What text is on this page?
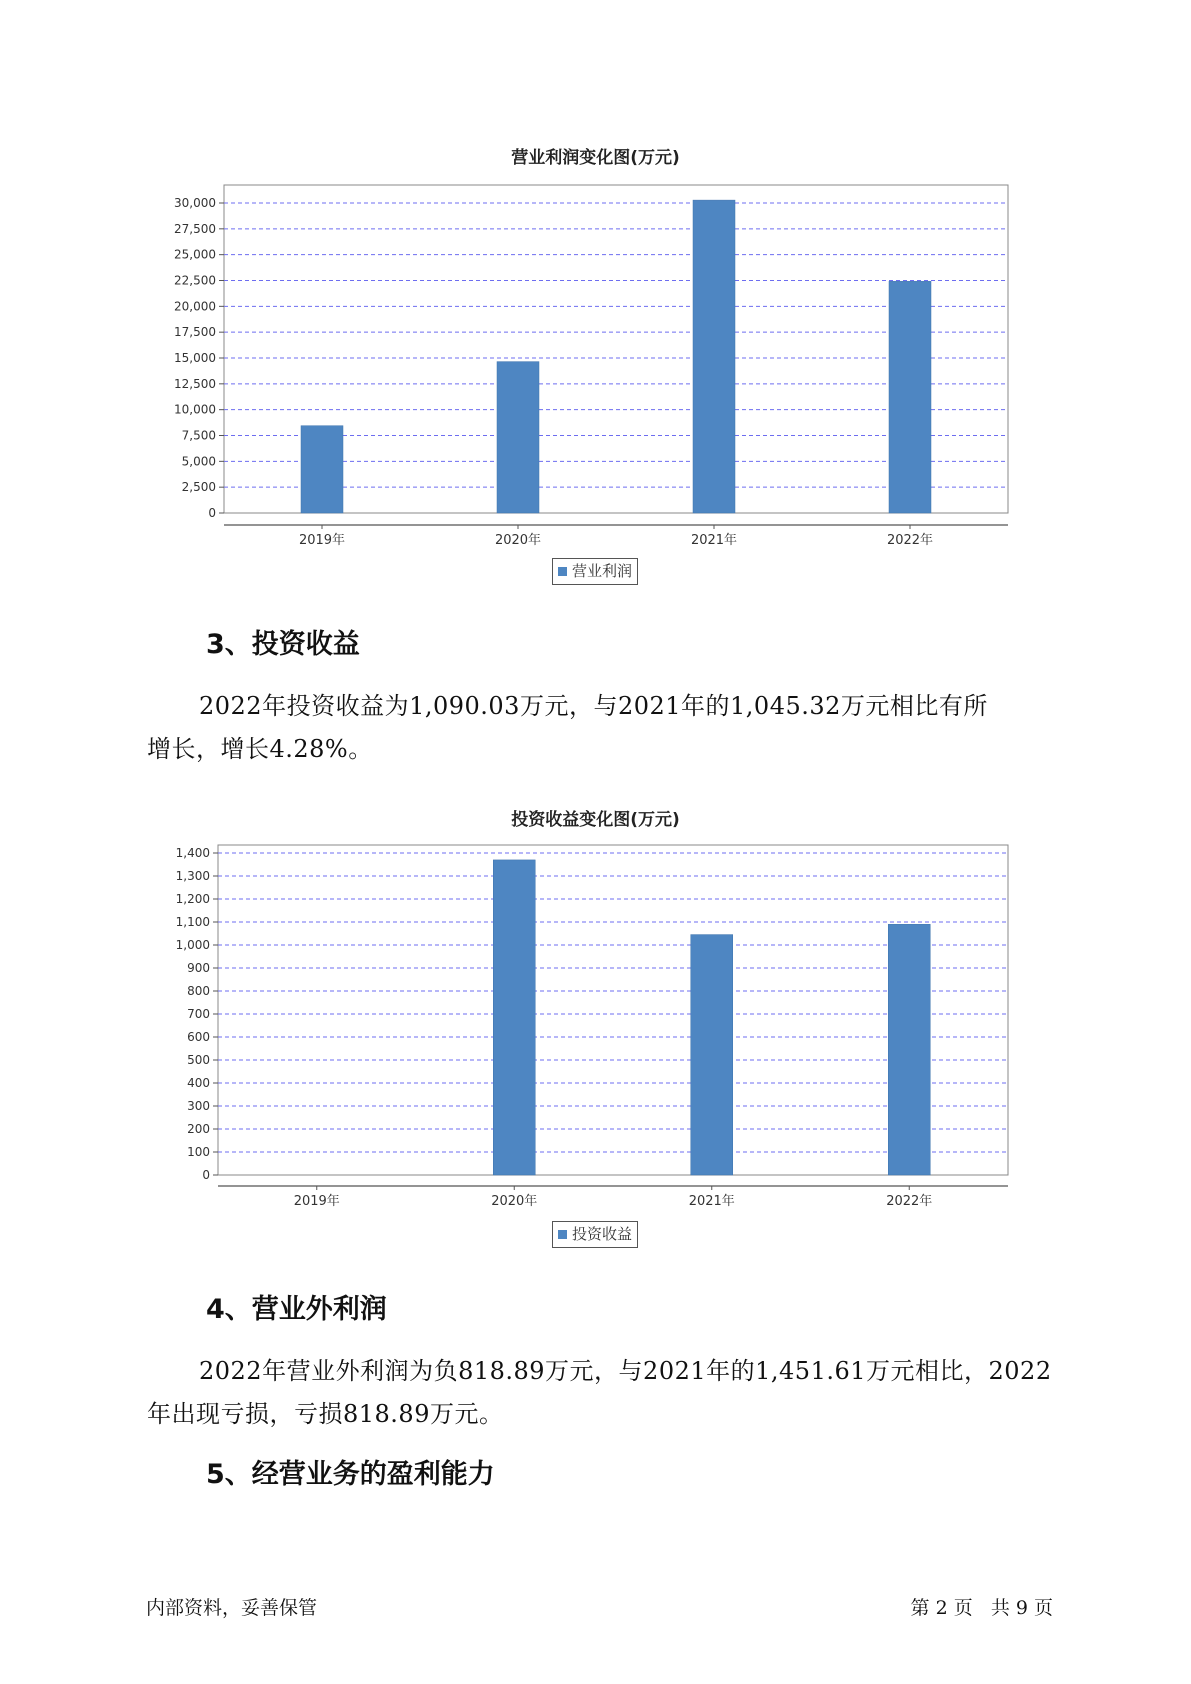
营业利润变化图(万元)
0
2,500
5,000
7,500
10,000
12,500
15,000
17,500
20,000
22,500
25,000
27,500
30,000
2019年	2020年	2021年	2022年
营业利润
3、投资收益

2022年投资收益为1,090.03万元，与2021年的1,045.32万元相比有所
增长，增长4.28%。

投资收益变化图(万元)
0
100
200
300
400
500
600
700
800
900
1,000
1,100
1,200
1,300
1,400
2019年	2020年	2021年	2022年
投资收益
4、营业外利润

2022年营业外利润为负818.89万元，与2021年的1,451.61万元相比，2022
年出现亏损，亏损818.89万元。

5、经营业务的盈利能力
内部资料，妥善保管	第 2 页   共 9 页
